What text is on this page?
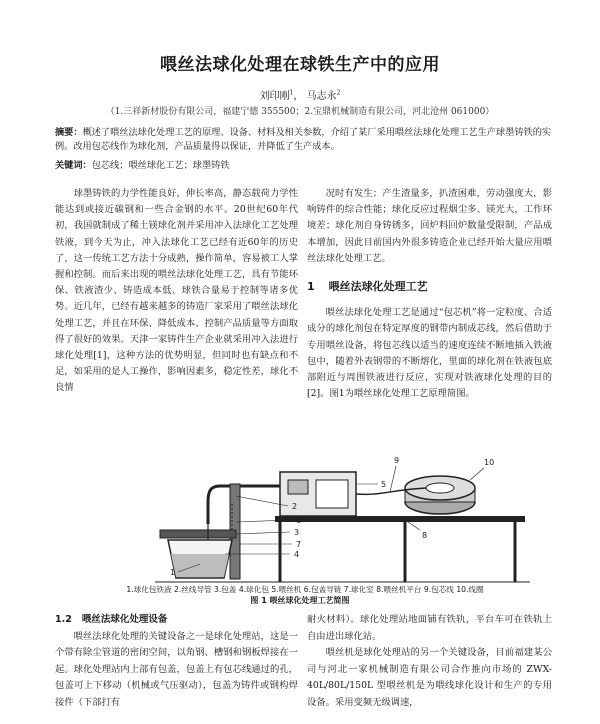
喂丝法球化处理在球铁生产中的应用
刘印刚$^1$， 马志永$^2$
（1.三祥新材股份有限公司，福建宁德 355500；2.宝鼎机械制造有限公司，河北沧州 061000）
摘要：概述了喂丝法球化处理工艺的原理、设备、材料及相关参数，介绍了某厂采用喂丝法球化处理工艺生产球墨铸铁的实例。改用包芯线作为球化剂，产品质量得以保证，并降低了生产成本。
关键词：包芯线；喂丝球化工艺；球墨铸铁

球墨铸铁的力学性能良好，伸长率高，静态载荷力学性能达到或接近碳钢和一些合金钢的水平。20世纪60年代初，我国就制成了稀土镁球化剂并采用冲入法球化工艺处理铁液，到今天为止，冲入法球化工艺已经有近60年的历史了，这一传统工艺方法十分成熟，操作简单，容易被工人掌握和控制。而后来出现的喂丝法球化处理工艺，具有节能环保、铁液渣少、铸造成本低、球铁合量易于控制等诸多优势。近几年，已经有越来越多的铸造厂家采用了喂丝法球化处理工艺，并且在环保、降低成本、控制产品质量等方面取得了很好的效果。天津一家铸件生产企业就采用冲入法进行球化处理[1]，这种方法的优势明显，但同时也有缺点和不足，如采用的是人工操作，影响因素多，稳定性差，球化不良情

况时有发生；产生渣量多，扒渣困难，劳动强度大，影响铸件的综合性能；球化反应过程烟尘多、镁光大，工作环境差；球化剂自身铸锈多，回炉料回炉数量受限制，产品成本增加，因此目前国内外很多铸造企业已经开始大量应用喂丝法球化处理工艺。

1 喂丝法球化处理工艺

喂丝法球化处理工艺是通过“包芯机”将一定粒度、合适成分的球化剂包在特定厚度的钢带内制成芯线，然后借助于专用喂丝设备，将包芯线以适当的速度连续不断地插入铁液包中，随着外表钢带的不断熔化，里面的球化剂在铁液包底部附近与周围铁液进行反应，实现对铁液球化处理的目的[2]。图1为喂丝球化处理工艺原理简图。

1
2
3
4
5
6
7
8
9	10
1.球化包铁液 2.丝线导管 3.包盖 4.球化包 5.喂丝机 6.包盖导链 7.球化室 8.喂丝机平台 9.包芯线 10.线圈
图 1 喂丝球化处理工艺简图

1.2 喂丝法球化处理设备

喂丝法球化处理的关键设备之一是球化处理站，这是一个带有除尘管道的密闭空间，以角钢、槽钢和钢板焊接在一起。球化处理站内上部有包盖，包盖上有包芯线通过的孔，包盖可上下移动（机械或气压驱动），包盖为铸件或钢构焊接件（下部打有

耐火材料）。球化处理站地面铺有铁轨，平台车可在铁轨上自由进出球化站。

喂丝机是球化处理站的另一个关键设备，目前福建某公司与河北一家机械制造有限公司合作推向市场的 ZWX-40L/80L/150L 型喂丝机是为喂线球化设计和生产的专用设备。采用变频无级调速，
